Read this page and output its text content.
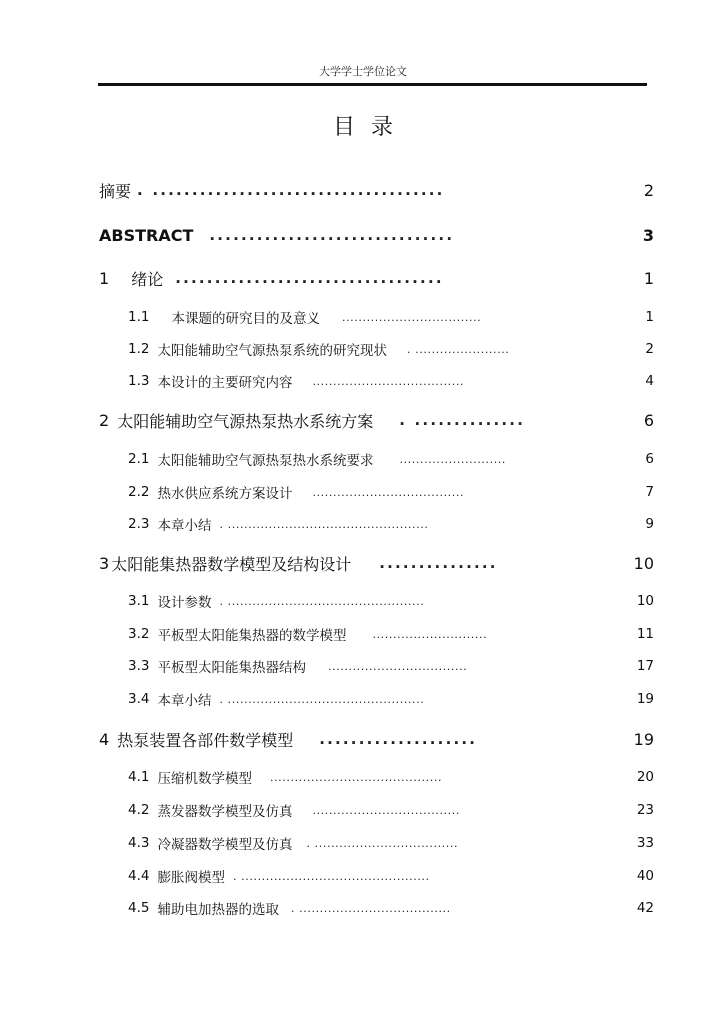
大学学士学位论文
目录
摘要 . .....................................	2
ABSTRACT ...............................	3
1 绪论 ..................................	1
1.1 本课题的研究目的及意义 ..................................	1
1.2 太阳能辅助空气源热泵系统的研究现状 . .......................	2
1.3 本设计的主要研究内容 .....................................	4
2 太阳能辅助空气源热泵热水系统方案 . ..............	6
2.1 太阳能辅助空气源热泵热水系统要求 ..........................	6
2.2 热水供应系统方案设计 .....................................	7
2.3 本章小结 . .................................................	9
3 太阳能集热器数学模型及结构设计 ...............	10
3.1 设计参数 . ................................................	10
3.2 平板型太阳能集热器的数学模型 ............................	11
3.3 平板型太阳能集热器结构 ..................................	17
3.4 本章小结 . ................................................	19
4 热泵装置各部件数学模型 ....................	19
4.1 压缩机数学模型 ..........................................	20
4.2 蒸发器数学模型及仿真 ....................................	23
4.3 冷凝器数学模型及仿真 . ...................................	33
4.4 膨胀阀模型 . ..............................................	40
4.5 辅助电加热器的选取 . .....................................	42
